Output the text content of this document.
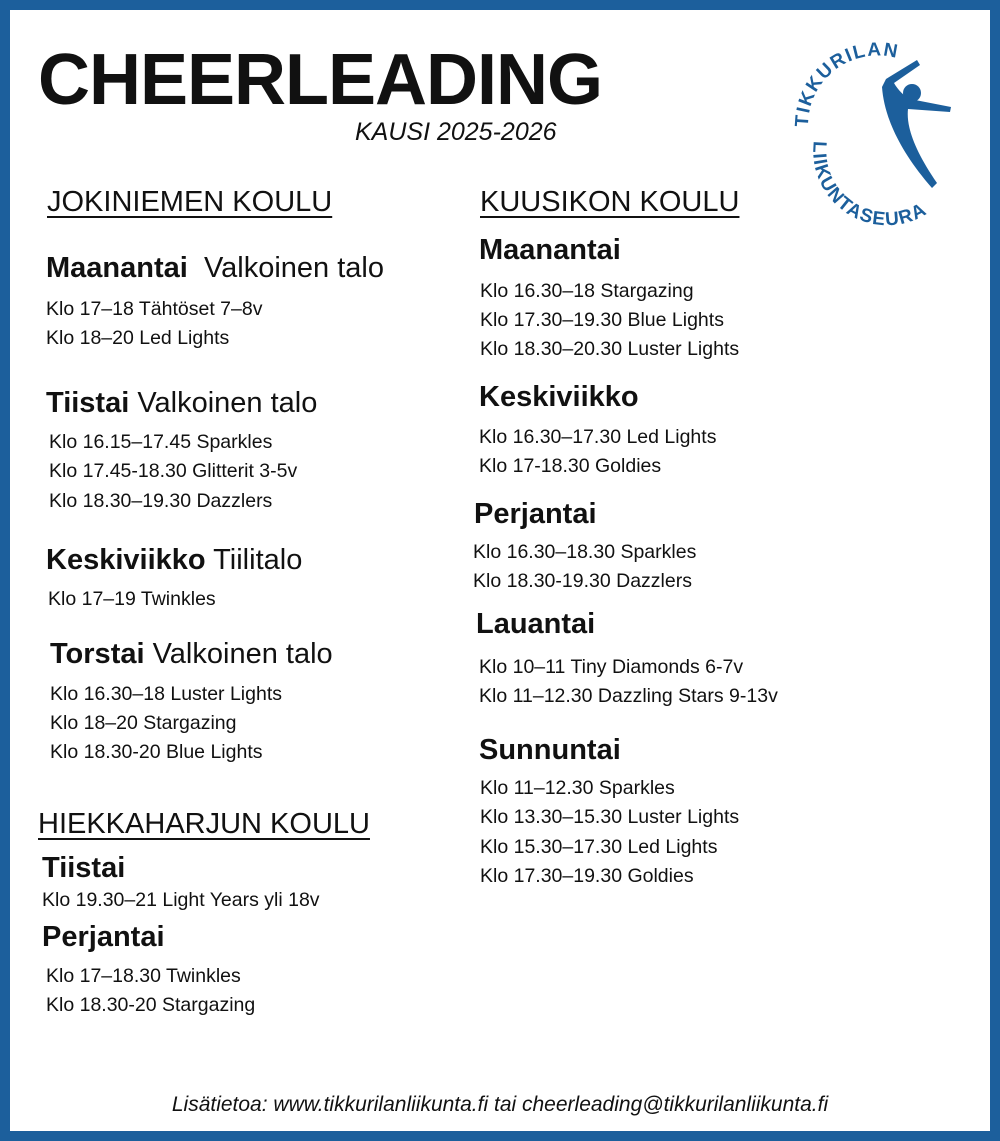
CHEERLEADING
KAUSI 2025-2026	TIKKURILAN
LIIKUNTASEURA
JOKINIEMEN KOULU
Maanantai Valkoinen talo
Klo 17–18 Tähtöset 7–8v
Klo 18–20 Led Lights
Tiistai Valkoinen talo
Klo 16.15–17.45 Sparkles
Klo 17.45-18.30 Glitterit 3-5v
Klo 18.30–19.30 Dazzlers
Keskiviikko Tiilitalo
Klo 17–19 Twinkles
Torstai Valkoinen talo
Klo 16.30–18 Luster Lights
Klo 18–20 Stargazing
Klo 18.30-20 Blue Lights
HIEKKAHARJUN KOULU
Tiistai
Klo 19.30–21 Light Years yli 18v
Perjantai
Klo 17–18.30 Twinkles
Klo 18.30-20 Stargazing
KUUSIKON KOULU
Maanantai
Klo 16.30–18 Stargazing
Klo 17.30–19.30 Blue Lights
Klo 18.30–20.30 Luster Lights
Keskiviikko
Klo 16.30–17.30 Led Lights
Klo 17-18.30 Goldies
Perjantai
Klo 16.30–18.30 Sparkles
Klo 18.30-19.30 Dazzlers
Lauantai
Klo 10–11 Tiny Diamonds 6-7v
Klo 11–12.30 Dazzling Stars 9-13v
Sunnuntai
Klo 11–12.30 Sparkles
Klo 13.30–15.30 Luster Lights
Klo 15.30–17.30 Led Lights
Klo 17.30–19.30 Goldies
Lisätietoa: www.tikkurilanliikunta.fi tai cheerleading@tikkurilanliikunta.fi
